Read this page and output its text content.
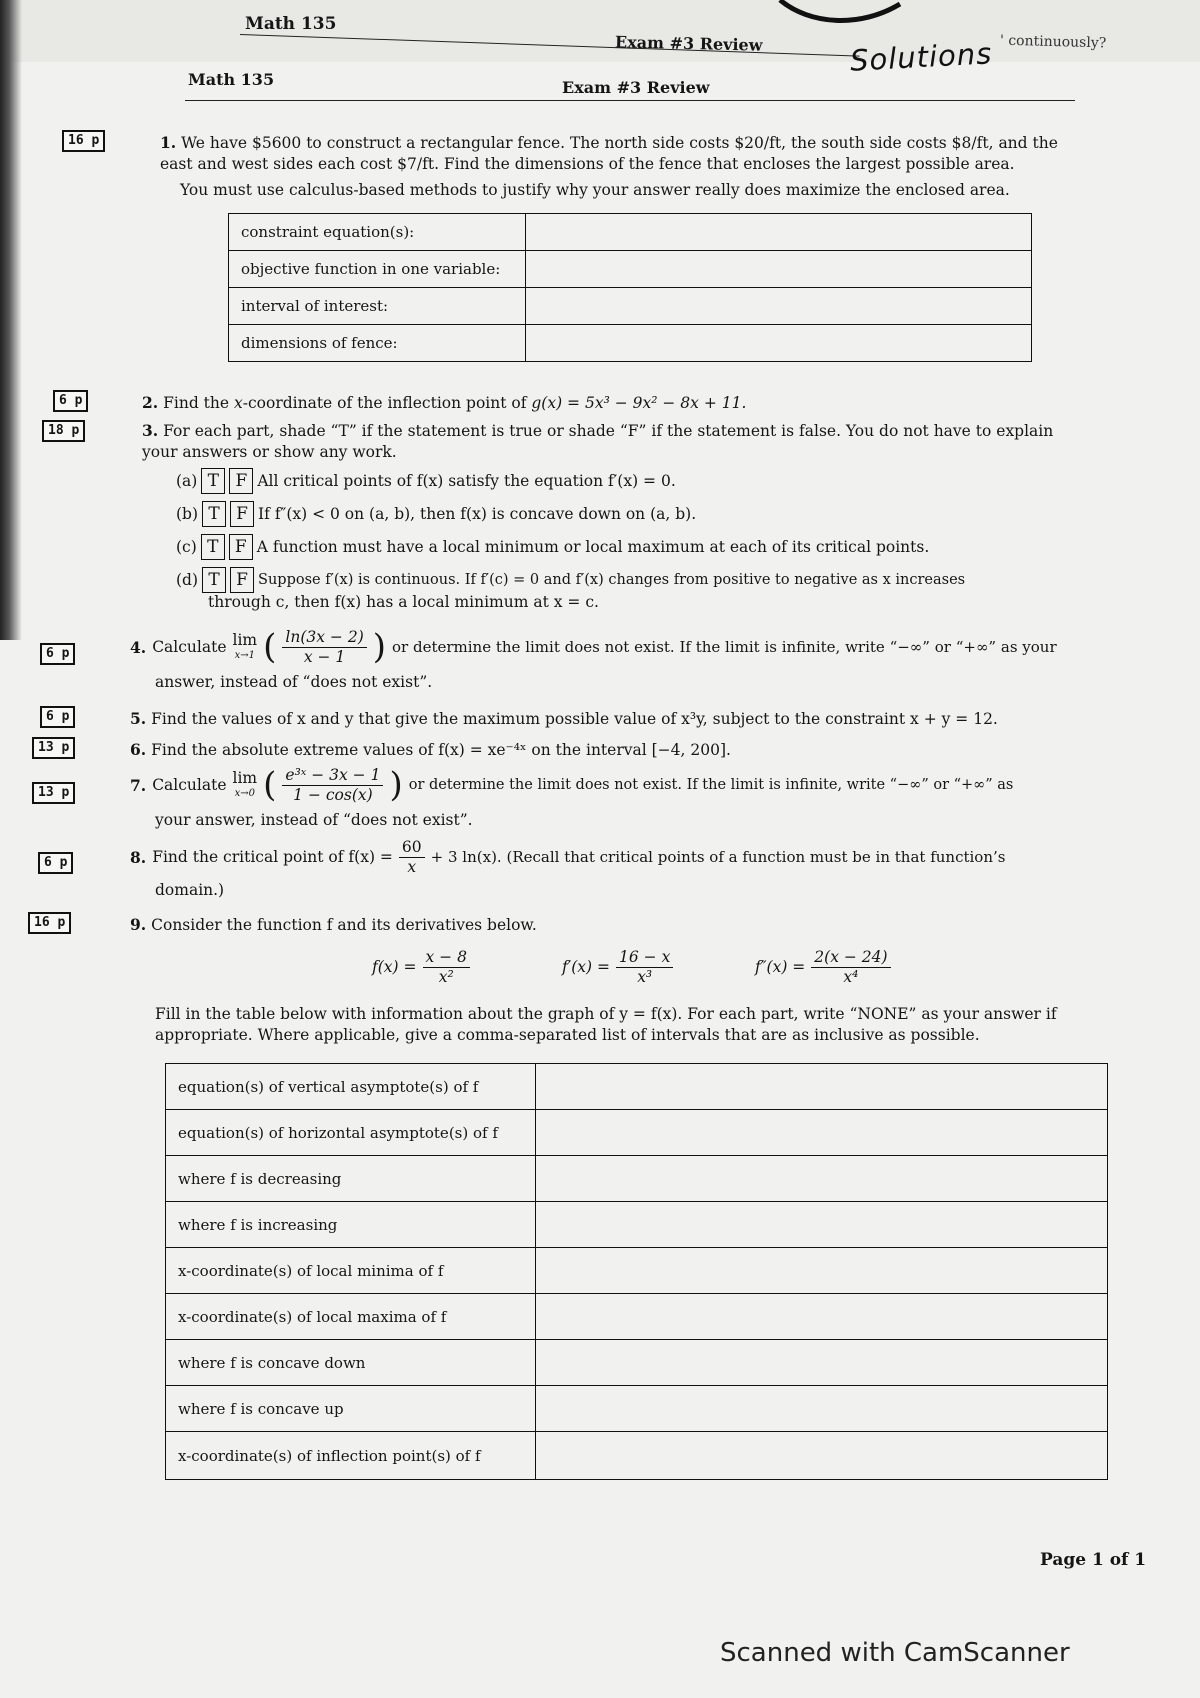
Math 135
Exam #3 Review	' continuously?
Solutions
Math 135	Exam #3 Review
16 p	1. We have $5600 to construct a rectangular fence. The north side costs $20/ft, the south side costs $8/ft, and the east and west sides each cost $7/ft. Find the dimensions of the fence that encloses the largest possible area.
You must use calculus-based methods to justify why your answer really does maximize the enclosed area.
constraint equation(s):	
objective function in one variable:	
interval of interest:	
dimensions of fence:	
6 p	2. Find the x-coordinate of the inflection point of g(x) = 5x³ − 9x² − 8x + 11.
18 p	3. For each part, shade “T” if the statement is true or shade “F” if the statement is false. You do not have to explain your answers or show any work.
(a) T F All critical points of f(x) satisfy the equation f′(x) = 0.
(b) T F If f″(x) < 0 on (a, b), then f(x) is concave down on (a, b).
(c) T F A function must have a local minimum or local maximum at each of its critical points.
(d) T F Suppose f′(x) is continuous. If f′(c) = 0 and f′(x) changes from positive to negative as x increases
through c, then f(x) has a local minimum at x = c.
6 p	4. Calculate lim
x→1 ( $\frac{\ln(3x - 2)}{x - 1}$ ) or determine the limit does not exist. If the limit is infinite, write “−∞” or “+∞” as your
answer, instead of “does not exist”.
6 p	5. Find the values of x and y that give the maximum possible value of x³y, subject to the constraint x + y = 12.
13 p	6. Find the absolute extreme values of f(x) = xe⁻⁴ˣ on the interval [−4, 200].
13 p	7. Calculate lim
x→0 ( $\frac{\text{e³ˣ − 3x − 1}}{1 - \cos(x)}$ ) or determine the limit does not exist. If the limit is infinite, write “−∞” or “+∞” as
your answer, instead of “does not exist”.
6 p	8. Find the critical point of $f(x) = \frac{60}{x} + 3$ ln(x). (Recall that critical points of a function must be in that function’s
domain.)
16 p	9. Consider the function f and its derivatives below.
$f(x) = \frac{x - 8}{\text{x²}}$	$f'(x) = \frac{16 - x}{\text{x³}}$	$f''(x) = \frac{2(x - 24)}{\text{x⁴}}$
Fill in the table below with information about the graph of y = f(x). For each part, write “NONE” as your answer if appropriate. Where applicable, give a comma-separated list of intervals that are as inclusive as possible.
equation(s) of vertical asymptote(s) of f	
equation(s) of horizontal asymptote(s) of f	
where f is decreasing	
where f is increasing	
x-coordinate(s) of local minima of f	
x-coordinate(s) of local maxima of f	
where f is concave down	
where f is concave up	
x-coordinate(s) of inflection point(s) of f	
Page 1 of 1
Scanned with CamScanner
